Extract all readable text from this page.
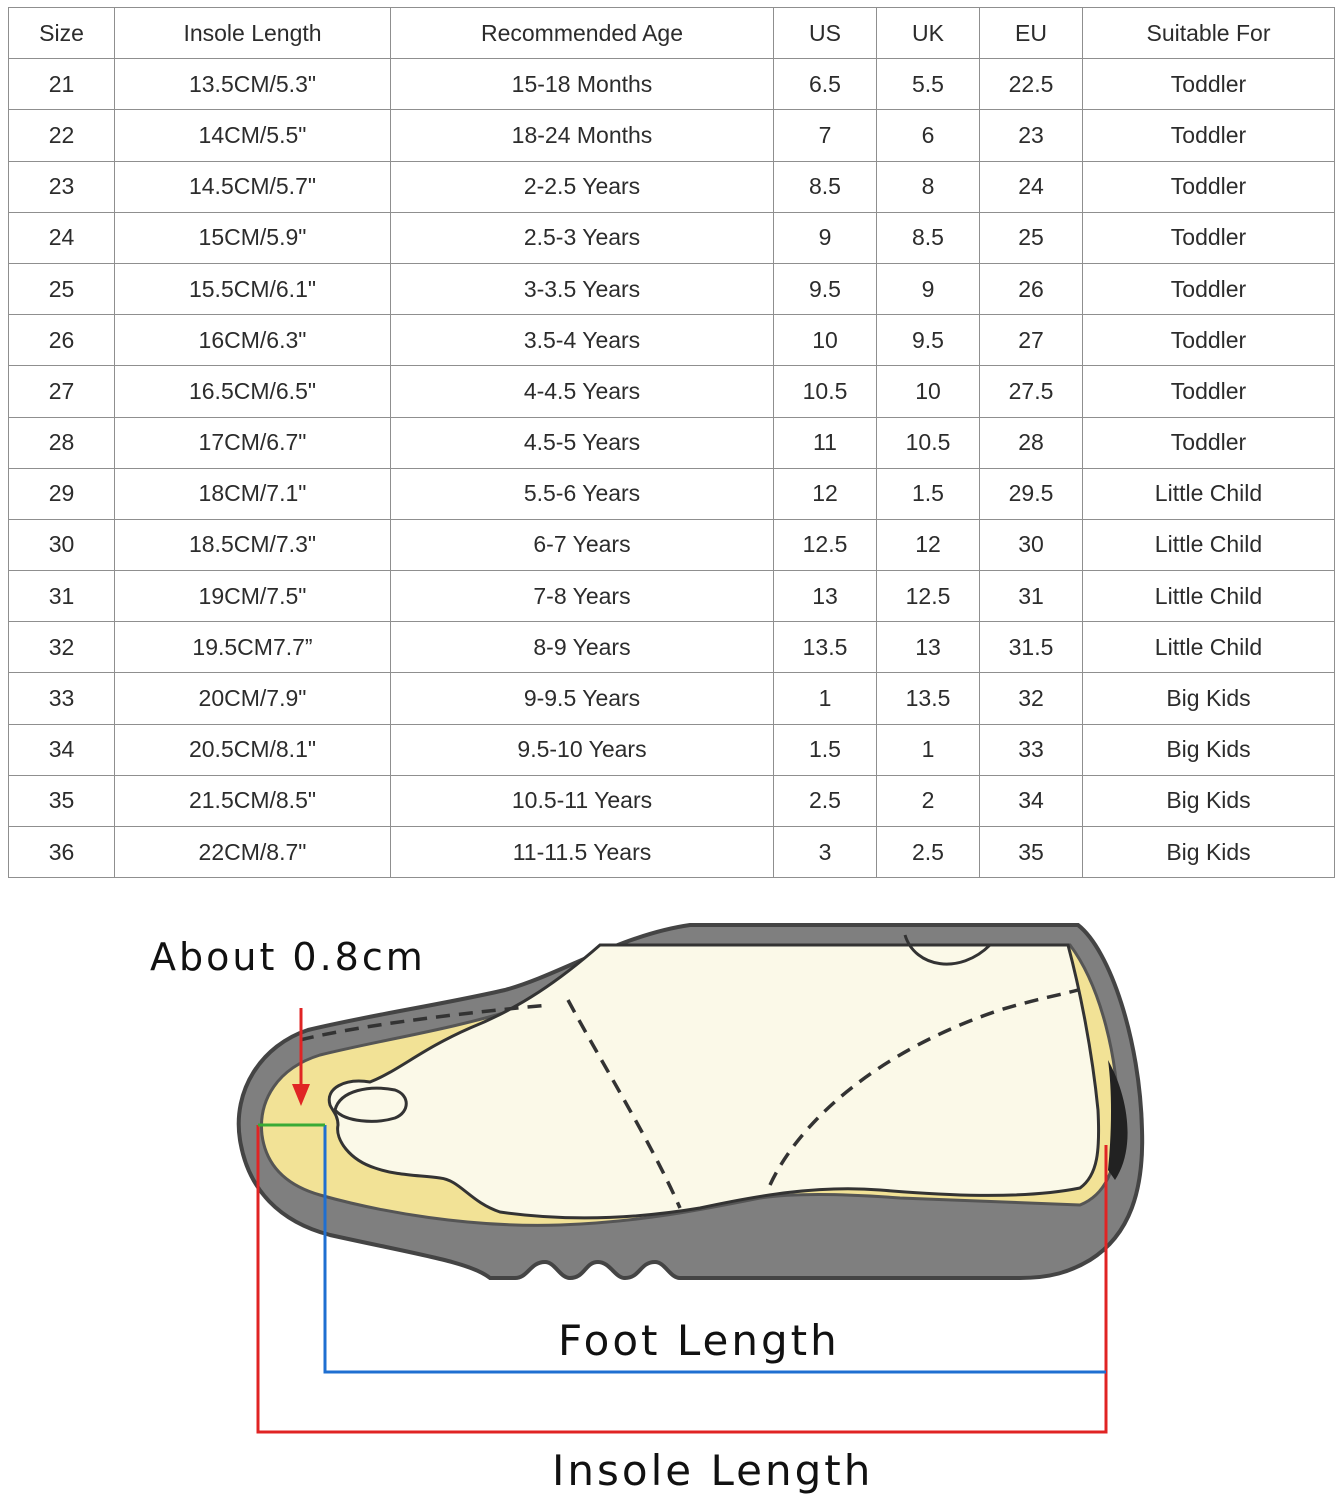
Size	Insole Length	Recommended Age	US	UK	EU	Suitable For
21	13.5CM/5.3"	15-18 Months	6.5	5.5	22.5	Toddler
22	14CM/5.5"	18-24 Months	7	6	23	Toddler
23	14.5CM/5.7"	2-2.5 Years	8.5	8	24	Toddler
24	15CM/5.9"	2.5-3 Years	9	8.5	25	Toddler
25	15.5CM/6.1"	3-3.5 Years	9.5	9	26	Toddler
26	16CM/6.3"	3.5-4 Years	10	9.5	27	Toddler
27	16.5CM/6.5"	4-4.5 Years	10.5	10	27.5	Toddler
28	17CM/6.7"	4.5-5 Years	11	10.5	28	Toddler
29	18CM/7.1"	5.5-6 Years	12	1.5	29.5	Little Child
30	18.5CM/7.3"	6-7 Years	12.5	12	30	Little Child
31	19CM/7.5"	7-8 Years	13	12.5	31	Little Child
32	19.5CM7.7”	8-9 Years	13.5	13	31.5	Little Child
33	20CM/7.9"	9-9.5 Years	1	13.5	32	Big Kids
34	20.5CM/8.1"	9.5-10 Years	1.5	1	33	Big Kids
35	21.5CM/8.5"	10.5-11 Years	2.5	2	34	Big Kids
36	22CM/8.7"	11-11.5 Years	3	2.5	35	Big Kids
About 0.8cm
Foot Length
Insole Length
